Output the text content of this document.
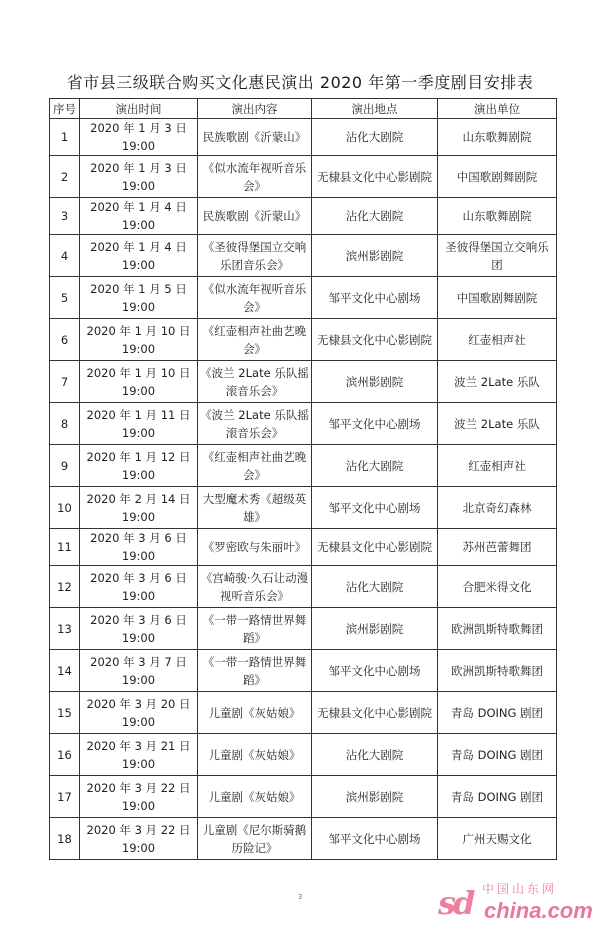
省市县三级联合购买文化惠民演出 2020 年第一季度剧目安排表
序号	演出时间	演出内容	演出地点	演出单位
1	2020 年 1 月 3 日 19:00	民族歌剧《沂蒙山》	沾化大剧院	山东歌舞剧院
2	2020 年 1 月 3 日 19:00	《似水流年视听音乐会》	无棣县文化中心影剧院	中国歌剧舞剧院
3	2020 年 1 月 4 日 19:00	民族歌剧《沂蒙山》	沾化大剧院	山东歌舞剧院
4	2020 年 1 月 4 日 19:00	《圣彼得堡国立交响乐团音乐会》	滨州影剧院	圣彼得堡国立交响乐团
5	2020 年 1 月 5 日 19:00	《似水流年视听音乐会》	邹平文化中心剧场	中国歌剧舞剧院
6	2020 年 1 月 10 日 19:00	《红壶相声社曲艺晚会》	无棣县文化中心影剧院	红壶相声社
7	2020 年 1 月 10 日 19:00	《波兰 2Late 乐队摇滚音乐会》	滨州影剧院	波兰 2Late 乐队
8	2020 年 1 月 11 日 19:00	《波兰 2Late 乐队摇滚音乐会》	邹平文化中心剧场	波兰 2Late 乐队
9	2020 年 1 月 12 日 19:00	《红壶相声社曲艺晚会》	沾化大剧院	红壶相声社
10	2020 年 2 月 14 日 19:00	大型魔术秀《超级英雄》	邹平文化中心剧场	北京奇幻森林
11	2020 年 3 月 6 日 19:00	《罗密欧与朱丽叶》	无棣县文化中心影剧院	苏州芭蕾舞团
12	2020 年 3 月 6 日 19:00	《宫崎骏·久石让动漫视听音乐会》	沾化大剧院	合肥米得文化
13	2020 年 3 月 6 日 19:00	《一带一路情世界舞蹈》	滨州影剧院	欧洲凯斯特歌舞团
14	2020 年 3 月 7 日 19:00	《一带一路情世界舞蹈》	邹平文化中心剧场	欧洲凯斯特歌舞团
15	2020 年 3 月 20 日 19:00	儿童剧《灰姑娘》	无棣县文化中心影剧院	青岛 DOING 剧团
16	2020 年 3 月 21 日 19:00	儿童剧《灰姑娘》	沾化大剧院	青岛 DOING 剧团
17	2020 年 3 月 22 日 19:00	儿童剧《灰姑娘》	滨州影剧院	青岛 DOING 剧团
18	2020 年 3 月 22 日 19:00	儿童剧《尼尔斯骑鹅历险记》	邹平文化中心剧场	广州天赐文化
3	sd 中国山东网
china.com
